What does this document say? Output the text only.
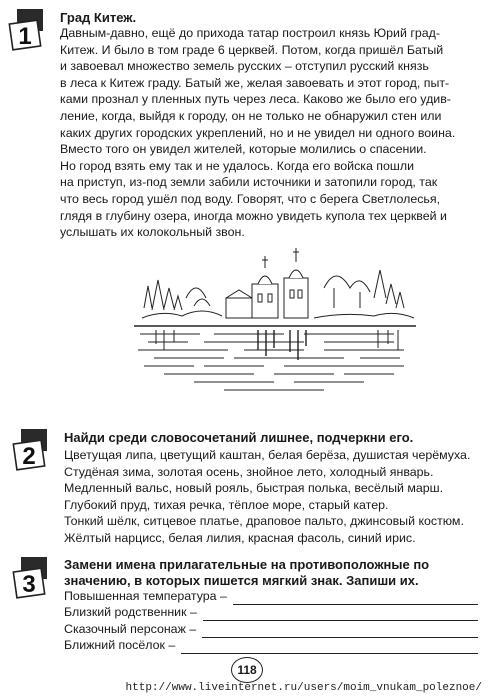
1
Град Китеж.
Давным-давно, ещё до прихода татар построил князь Юрий град-
Китеж. И было в том граде 6 церквей. Потом, когда пришёл Батый
и завоевал множество земель русских – отступил русский князь
в леса к Китеж граду. Батый же, желая завоевать и этот город, пыт-
ками прознал у пленных путь через леса. Каково же было его удив-
ление, когда, выйдя к городу, он не только не обнаружил стен или
каких других городских укреплений, но и не увидел ни одного воина.
Вместо того он увидел жителей, которые молились о спасении.
Но город взять ему так и не удалось. Когда его войска пошли
на приступ, из-под земли забили источники и затопили город, так
что весь город ушёл под воду. Говорят, что с берега Светлолесья,
глядя в глубину озера, иногда можно увидеть купола тех церквей и
услышать их колокольный звон.
2
Найди среди словосочетаний лишнее, подчеркни его.
Цветущая липа, цветущий каштан, белая берёза, душистая черёмуха.
Студёная зима, золотая осень, знойное лето, холодный январь.
Медленный вальс, новый рояль, быстрая полька, весёлый марш.
Глубокий пруд, тихая речка, тёплое море, старый катер.
Тонкий шёлк, ситцевое платье, драповое пальто, джинсовый костюм.
Жёлтый нарцисс, белая лилия, красная фасоль, синий ирис.
3
Замени имена прилагательные на противоположные по значению, в которых пишется мягкий знак. Запиши их.
Повышенная температура –
Близкий родственник –
Сказочный персонаж –
Ближний посёлок –
118
http://www.liveinternet.ru/users/moim_vnukam_poleznoe/
